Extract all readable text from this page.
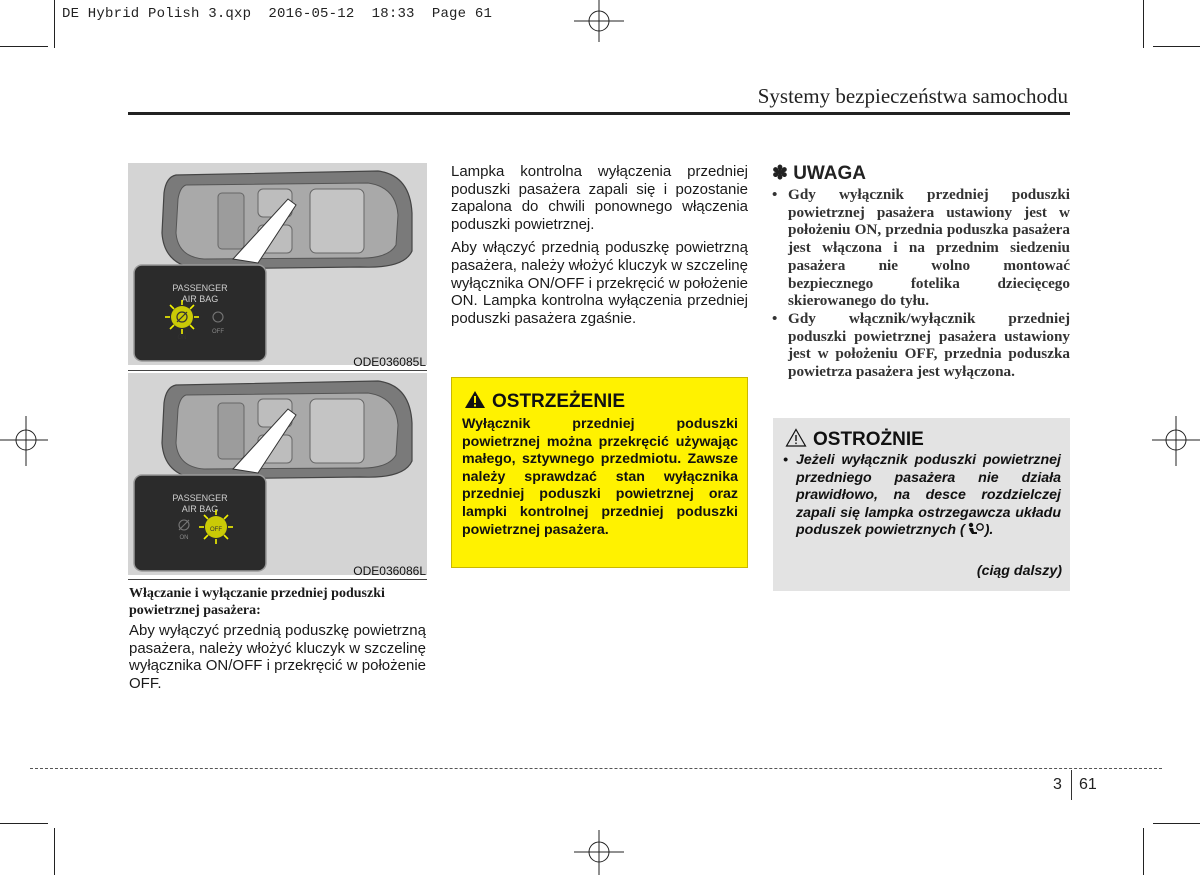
DE Hybrid Polish 3.qxp  2016-05-12  18:33  Page 61
Systemy bezpieczeństwa samochodu
PASSENGER
AIR BAG
ON
OFF
ODE036085L
PASSENGER
AIR BAG
ON
OFF
ODE036086L
Włączanie i wyłączanie przedniej poduszki powietrznej pasażera:
Aby wyłączyć przednią poduszkę powietrzną pasażera, należy włożyć kluczyk w szczelinę wyłącznika ON/OFF i przekręcić w położenie OFF.

Lampka kontrolna wyłączenia przedniej poduszki pasażera zapali się i pozostanie zapalona do chwili ponownego włączenia poduszki powietrznej.

Aby włączyć przednią poduszkę powietrzną pasażera, należy włożyć kluczyk w szczelinę wyłącznika ON/OFF i przekręcić w położenie ON. Lampka kontrolna wyłączenia przedniej poduszki pasażera zgaśnie.

OSTRZEŻENIE
Wyłącznik przedniej poduszki powietrznej można przekręcić używając małego, sztywnego przedmiotu. Zawsze należy sprawdzać stan wyłącznika przedniej poduszki powietrznej oraz lampki kontrolnej przedniej poduszki powietrznej pasażera.
✽ UWAGA
• Gdy wyłącznik przedniej poduszki powietrznej pasażera ustawiony jest w położeniu ON, przednia poduszka pasażera jest włączona i na przednim siedzeniu pasażera nie wolno montować bezpiecznego fotelika dziecięcego skierowanego do tyłu.
• Gdy włącznik/wyłącznik przedniej poduszki powietrznej pasażera ustawiony jest w położeniu OFF, przednia poduszka powietrza pasażera jest wyłączona.
OSTROŻNIE
• Jeżeli wyłącznik poduszki powietrznej przedniego pasażera nie działa prawidłowo, na desce rozdzielczej zapali się lampka ostrzegawcza układu poduszek powietrznych ( ).
(ciąg dalszy)
3 61
